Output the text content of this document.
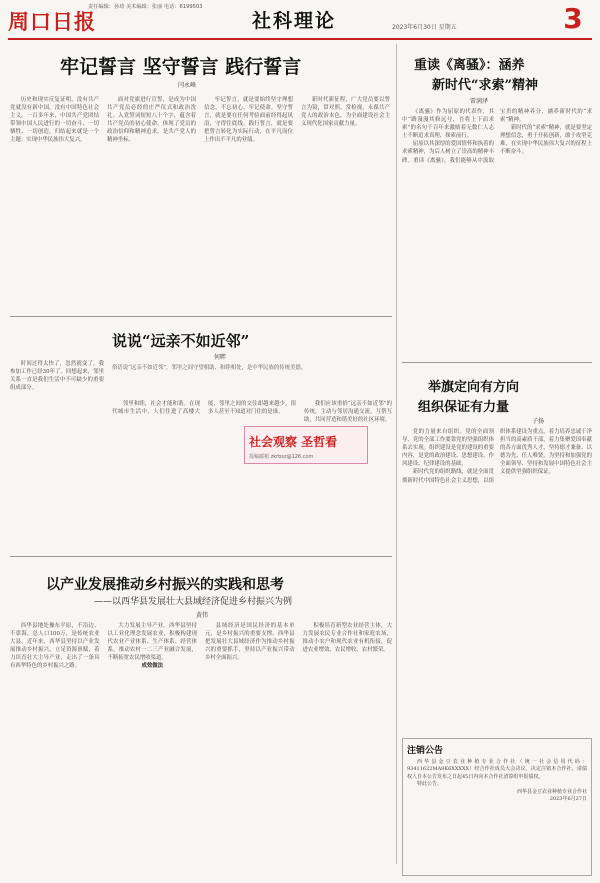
周口日报
责任编辑：孙琦 美术编辑：张丽 电话：6199503
社科理论	2023年6月30日 星期五	3
牢记誓言 坚守誓言 践行誓言
闫永峰

历史和现实反复证明，没有共产党就没有新中国，没有中国特色社会主义。一百多年来，中国共产党团结带领中国人民进行的一切奋斗、一切牺牲、一切创造，归结起来就是一个主题：实现中华民族伟大复兴。

面对党旗进行宣誓，是成为中国共产党员必经的庄严仪式和政治洗礼。入党誓词短短八十个字，蕴含着共产党员的初心使命，体现了党员的政治信仰和精神追求，是共产党人的精神坐标。

牢记誓言，就是要始终坚守理想信念，不忘初心、牢记使命。坚守誓言，就是要在任何考验面前经得起风浪，守得住底线。践行誓言，就是要把誓言转化为实际行动，在平凡岗位上作出不平凡的业绩。

新时代新征程，广大党员要以誓言为镜，常对照、常检视，永葆共产党人的政治本色，为全面建设社会主义现代化国家贡献力量。

重读《离骚》：涵养
新时代“求索”精神
雷润泽

《离骚》作为屈原的代表作，其中“路漫漫其修远兮，吾将上下而求索”的名句千百年来激励着无数仁人志士不断追求真理、探索前行。

屈原以其深厚的爱国情怀和执着的求索精神，为后人树立了崇高的精神丰碑。重读《离骚》，我们能够从中汲取宝贵的精神养分，涵养新时代的“求索”精神。

新时代的“求索”精神，就是要坚定理想信念，勇于开拓创新，敢于攻坚克难，在实现中华民族伟大复兴的征程上不断奋斗。

说说“远亲不如近邻”
何畔
俗语说“远亲不如近邻”，邻里之间守望相助、和睦相处，是中华民族的传统美德。

时间过得太快了，忽然就变了，我参加工作已经30年了。回想起来，邻里关系一直是我们生活中不可缺少的重要组成部分。

邻里和睦，社会才能和谐。在现代城市生活中，人们住进了高楼大厦，邻里之间的交往却越来越少，很多人甚至不知道对门住的是谁。

我们应该重拾“远亲不如近邻”的传统，主动与邻居沟通交流，互帮互助，共同营造和谐美好的社区环境。

社会观察 圣哲看
投稿邮箱 zkrbsz@126.com
举旗定向有方向
组织保证有力量
子扬

党的力量来自组织。党的全面领导、党的全部工作要靠党的坚强组织体系去实现。组织建设是党的建设的重要内容，是党的政治建设、思想建设、作风建设、纪律建设的基础。

新时代党的组织路线，就是全面贯彻新时代中国特色社会主义思想，以组织体系建设为重点，着力培养忠诚干净担当的高素质干部，着力集聚爱国奉献的各方面优秀人才，坚持德才兼备、以德为先、任人唯贤，为坚持和加强党的全面领导、坚持和发展中国特色社会主义提供坚强组织保证。

以产业发展推动乡村振兴的实践和思考
——以西华县发展壮大县域经济促进乡村振兴为例
黄伟

西华县地处豫东平原，不沿边、不靠海，总人口100万，是传统农业大县。近年来，西华县坚持以产业发展推动乡村振兴，立足资源禀赋，着力培育壮大主导产业，走出了一条具有西华特色的乡村振兴之路。

大力发展主导产业。西华县坚持以工业化理念发展农业，积极构建现代农业产业体系、生产体系、经营体系，推动农村一二三产业融合发展，不断拓宽农民增收渠道。

成效做法

县域经济是国民经济的基本单元，是乡村振兴的重要支撑。西华县把发展壮大县域经济作为推动乡村振兴的重要抓手，坚持以产业振兴带动乡村全面振兴。

积极培育新型农业经营主体，大力发展农民专业合作社和家庭农场，推动小农户和现代农业有机衔接，促进农业增效、农民增收、农村繁荣。

注销公告

西华县金豆农业种植专业合作社（统一社会信用代码：93411622MA9K6XXXXX）经合作社成员大会决议，决定注销本合作社，请债权人自本公告发布之日起45日内向本合作社清算组申报债权。

特此公告。

西华县金豆农业种植专业合作社

2023年6月27日
